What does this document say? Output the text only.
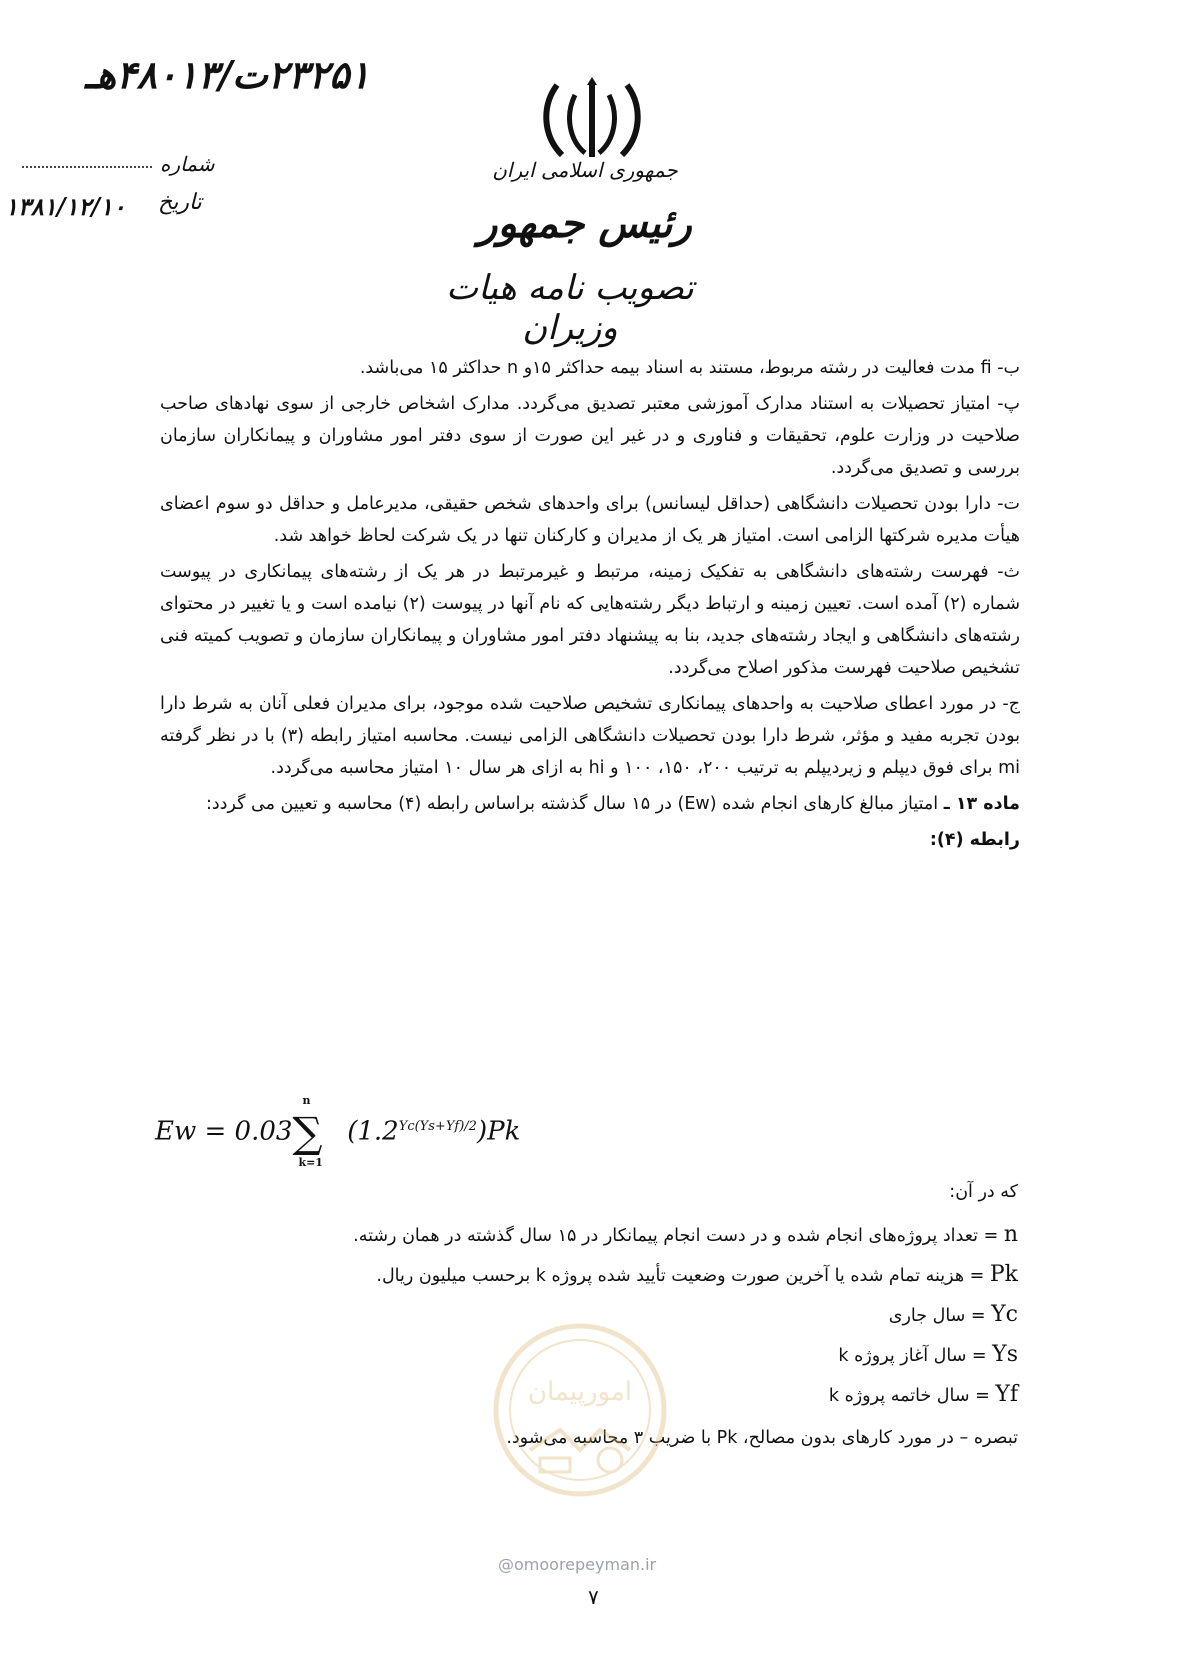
۲۳۲۵۱ت/۴۸۰۱۳هـ
شماره
تاریخ
۱۳۸۱/۱۲/۱۰
جمهوری اسلامی ایران
رئیس جمهور
تصویب نامه هیات وزیران

ب- fi مدت فعالیت در رشته مربوط، مستند به اسناد بیمه حداکثر ۱۵و n حداکثر ۱۵ می‌باشد.

پ- امتیاز تحصیلات به استناد مدارک آموزشی معتبر تصدیق می‌گردد. مدارک اشخاص خارجی از سوی نهادهای صاحب صلاحیت در وزارت علوم، تحقیقات و فناوری و در غیر این صورت از سوی دفتر امور مشاوران و پیمانکاران سازمان بررسی و تصدیق می‌گردد.

ت- دارا بودن تحصیلات دانشگاهی (حداقل لیسانس) برای واحدهای شخص حقیقی، مدیرعامل و حداقل دو سوم اعضای هیأت مدیره شرکتها الزامی است. امتیاز هر یک از مدیران و کارکنان تنها در یک شرکت لحاظ خواهد شد.

ث- فهرست رشته‌های دانشگاهی به تفکیک زمینه، مرتبط و غیرمرتبط در هر یک از رشته‌های پیمانکاری در پیوست شماره (۲) آمده است. تعیین زمینه و ارتباط دیگر رشته‌هایی که نام آنها در پیوست (۲) نیامده است و یا تغییر در محتوای رشته‌های دانشگاهی و ایجاد رشته‌های جدید، بنا به پیشنهاد دفتر امور مشاوران و پیمانکاران سازمان و تصویب کمیته فنی تشخیص صلاحیت فهرست مذکور اصلاح می‌گردد.

ج- در مورد اعطای صلاحیت به واحدهای پیمانکاری تشخیص صلاحیت شده موجود، برای مدیران فعلی آنان به شرط دارا بودن تجربه مفید و مؤثر، شرط دارا بودن تحصیلات دانشگاهی الزامی نیست. محاسبه امتیاز رابطه (۳) با در نظر گرفته mi برای فوق دیپلم و زیردیپلم به ترتیب ۲۰۰، ۱۵۰، ۱۰۰ و hi به ازای هر سال ۱۰ امتیاز محاسبه می‌گردد.

ماده ۱۳ ـ امتیاز مبالغ کارهای انجام شده (Ew) در ۱۵ سال گذشته براساس رابطه (۴) محاسبه و تعیین می گردد:

رابطه (۴):

Ew = 0.03
n
∑
k=1
$(1.2^{Yc(Ys+Yf)/2})Pk$
که در آن:
n = تعداد پروژه‌های انجام شده و در دست انجام پیمانکار در ۱۵ سال گذشته در همان رشته.
Pk = هزینه تمام شده یا آخرین صورت وضعیت تأیید شده پروژه k برحسب میلیون ریال.
Yc = سال جاری
Ys = سال آغاز پروژه k
Yf = سال خاتمه پروژه k
تبصره – در مورد کارهای بدون مصالح، Pk با ضریب ۳ محاسبه می‌شود.
امورپیمان
@omoorepeyman.ir
۷
